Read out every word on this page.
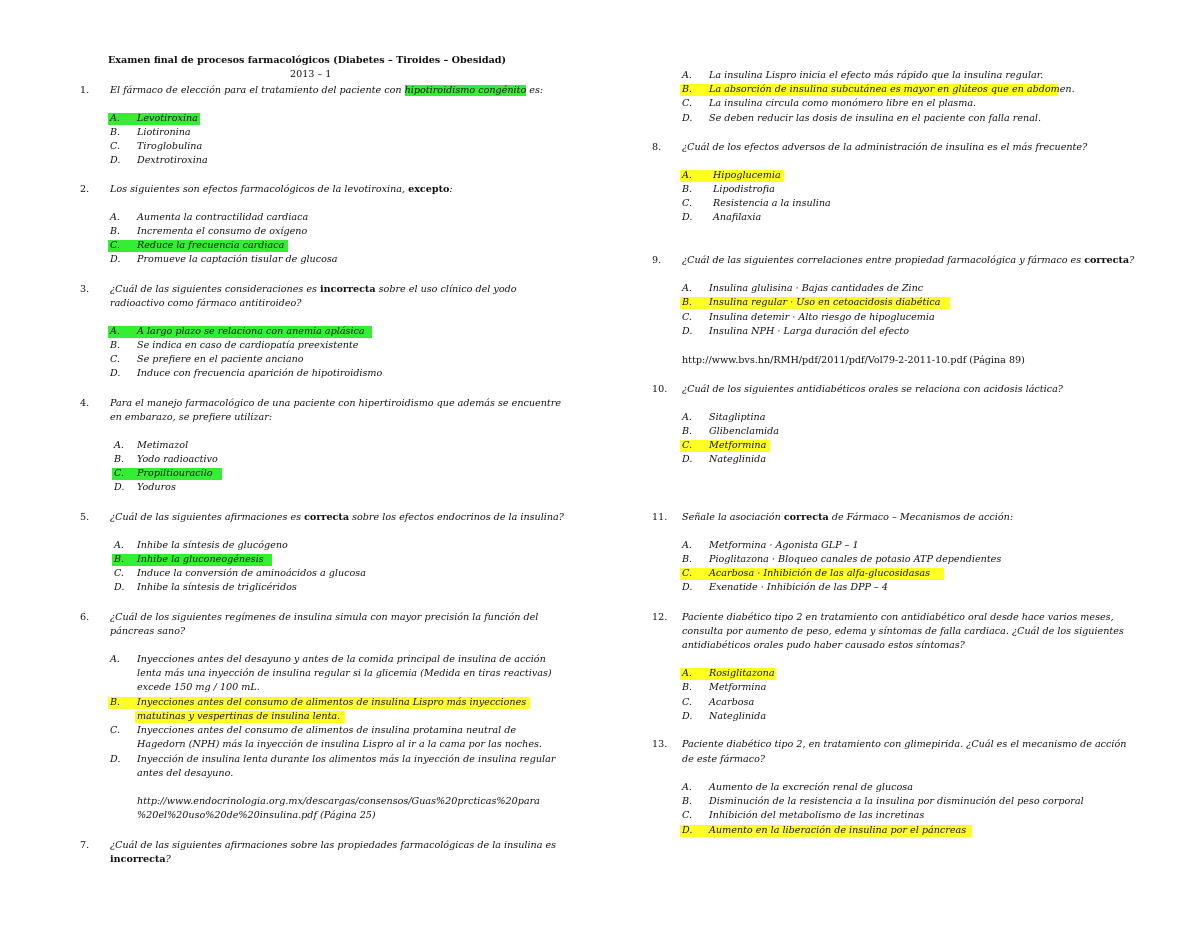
Examen final de procesos farmacológicos (Diabetes – Tiroides – Obesidad)
2013 – 1
1.	El fármaco de elección para el tratamiento del paciente con hipotiroidismo congénito es:
A. Levotiroxina
B. Liotironina
C. Tiroglobulina
D. Dextrotiroxina
2.	Los siguientes son efectos farmacológicos de la levotiroxina, excepto:
A. Aumenta la contractilidad cardiaca
B. Incrementa el consumo de oxígeno
C. Reduce la frecuencia cardiaca
D. Promueve la captación tisular de glucosa
3.	¿Cuál de las siguientes consideraciones es incorrecta sobre el uso clínico del yodo
radioactivo como fármaco antitiroideo?
A. A largo plazo se relaciona con anemia aplásica
B. Se indica en caso de cardiopatía preexistente
C. Se prefiere en el paciente anciano
D. Induce con frecuencia aparición de hipotiroidismo
4.	Para el manejo farmacológico de una paciente con hipertiroidismo que además se encuentre
en embarazo, se prefiere utilizar:
A. Metimazol
B. Yodo radioactivo
C. Propiltiouracilo
D. Yoduros
5.	¿Cuál de las siguientes afirmaciones es correcta sobre los efectos endocrinos de la insulina?
A. Inhibe la síntesis de glucógeno
B. Inhibe la gluconeogénesis
C. Induce la conversión de aminoácidos a glucosa
D. Inhibe la síntesis de triglicéridos
6.	¿Cuál de los siguientes regímenes de insulina simula con mayor precisión la función del
páncreas sano?
A. Inyecciones antes del desayuno y antes de la comida principal de insulina de acción
lenta más una inyección de insulina regular si la glicemia (Medida en tiras reactivas)
excede 150 mg / 100 mL.
B. Inyecciones antes del consumo de alimentos de insulina Lispro más inyecciones
matutinas y vespertinas de insulina lenta.
C. Inyecciones antes del consumo de alimentos de insulina protamina neutral de
Hagedorn (NPH) más la inyección de insulina Lispro al ir a la cama por las noches.
D. Inyección de insulina lenta durante los alimentos más la inyección de insulina regular
antes del desayuno.
http://www.endocrinologia.org.mx/descargas/consensos/Guas%20prcticas%20para
%20el%20uso%20de%20insulina.pdf (Página 25)
7.	¿Cuál de las siguientes afirmaciones sobre las propiedades farmacológicas de la insulina es
incorrecta?
A. La insulina Lispro inicia el efecto más rápido que la insulina regular.
B. La absorción de insulina subcutánea es mayor en glúteos que en abdomen.
C. La insulina circula como monómero libre en el plasma.
D. Se deben reducir las dosis de insulina en el paciente con falla renal.
8.	¿Cuál de los efectos adversos de la administración de insulina es el más frecuente?
A. Hipoglucemia
B. Lipodistrofia
C. Resistencia a la insulina
D. Anafilaxia
9.	¿Cuál de las siguientes correlaciones entre propiedad farmacológica y fármaco es correcta?
A. Insulina glulisina · Bajas cantidades de Zinc
B. Insulina regular · Uso en cetoacidosis diabética
C. Insulina detemir · Alto riesgo de hipoglucemia
D. Insulina NPH · Larga duración del efecto
http://www.bvs.hn/RMH/pdf/2011/pdf/Vol79-2-2011-10.pdf (Página 89)
10.	¿Cuál de los siguientes antidiabéticos orales se relaciona con acidosis láctica?
A. Sitagliptina
B. Glibenclamida
C. Metformina
D. Nateglinida
11.	Señale la asociación correcta de Fármaco – Mecanismos de acción:
A. Metformina · Agonista GLP – 1
B. Pioglitazona · Bloqueo canales de potasio ATP dependientes
C. Acarbosa · Inhibición de las alfa-glucosidasas
D. Exenatide · Inhibición de las DPP – 4
12.	Paciente diabético tipo 2 en tratamiento con antidiabético oral desde hace varios meses,
consulta por aumento de peso, edema y síntomas de falla cardiaca. ¿Cuál de los siguientes
antidiabéticos orales pudo haber causado estos síntomas?
A. Rosiglitazona
B. Metformina
C. Acarbosa
D. Nateglinida
13.	Paciente diabético tipo 2, en tratamiento con glimepirida. ¿Cuál es el mecanismo de acción
de este fármaco?
A. Aumento de la excreción renal de glucosa
B. Disminución de la resistencia a la insulina por disminución del peso corporal
C. Inhibición del metabolismo de las incretinas
D. Aumento en la liberación de insulina por el páncreas
